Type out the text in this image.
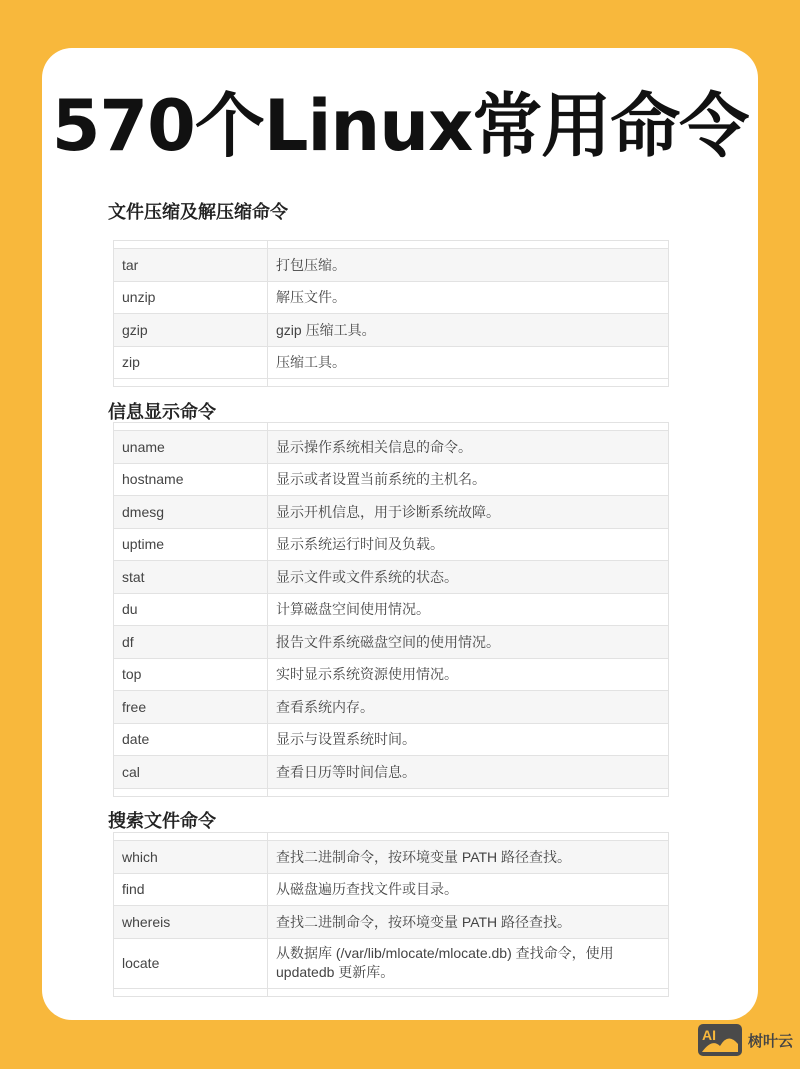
570个Linux常用命令
文件压缩及解压缩命令

tar	打包压缩。
unzip	解压文件。
gzip	gzip 压缩工具。
zip	压缩工具。

信息显示命令

uname	显示操作系统相关信息的命令。
hostname	显示或者设置当前系统的主机名。
dmesg	显示开机信息，用于诊断系统故障。
uptime	显示系统运行时间及负载。
stat	显示文件或文件系统的状态。
du	计算磁盘空间使用情况。
df	报告文件系统磁盘空间的使用情况。
top	实时显示系统资源使用情况。
free	查看系统内存。
date	显示与设置系统时间。
cal	查看日历等时间信息。

搜索文件命令

which	查找二进制命令，按环境变量 PATH 路径查找。
find	从磁盘遍历查找文件或目录。
whereis	查找二进制命令，按环境变量 PATH 路径查找。
locate	从数据库 (/var/lib/mlocate/mlocate.db) 查找命令，使用 updatedb 更新库。

AI	树叶云
